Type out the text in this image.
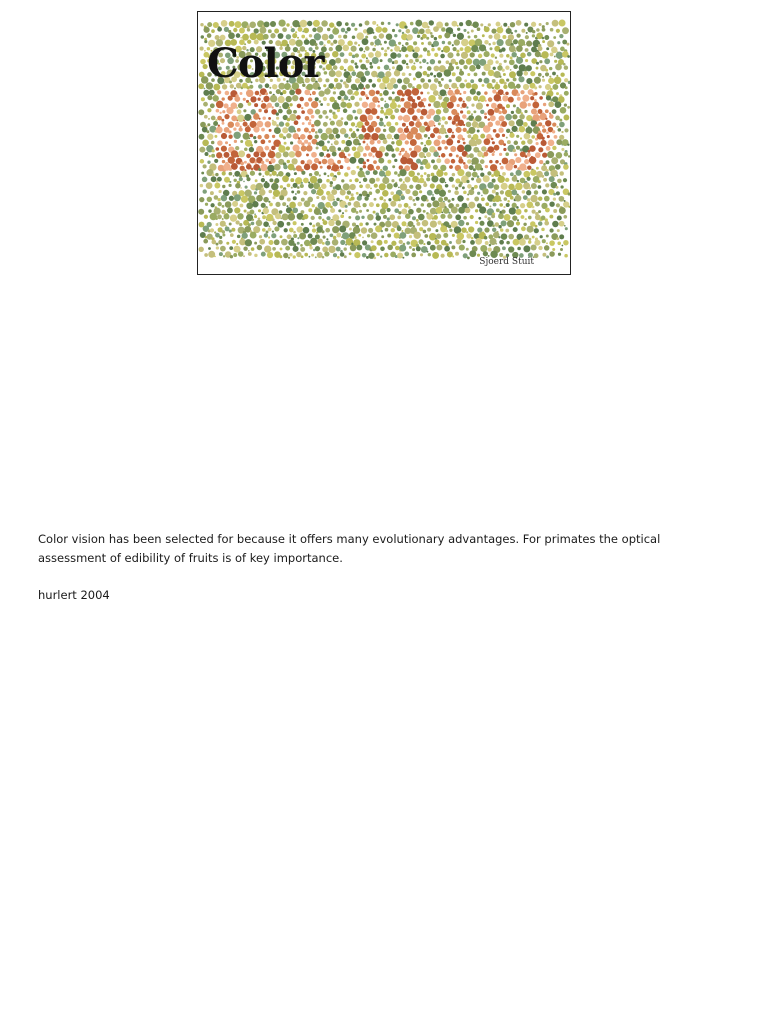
Color
Sjoerd Stuit

Color vision has been selected for because it offers many evolutionary advantages. For primates the optical assessment of edibility of fruits is of key importance.

hurlert 2004
